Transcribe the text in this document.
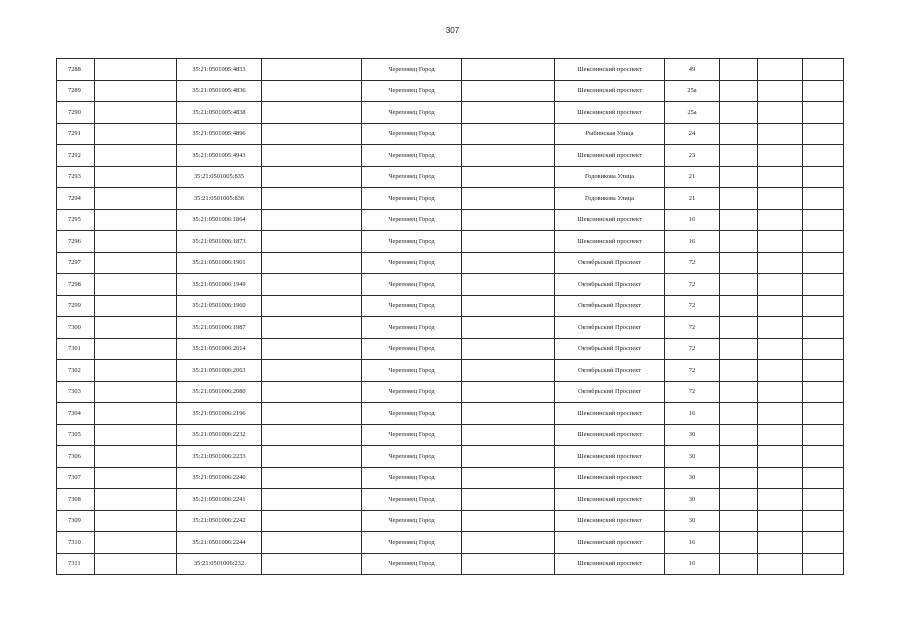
307
7288		35:21:0501005:4833		Череповец Город		Шекснинский проспект	49			
7289		35:21:0501005:4836		Череповец Город		Шекснинский проспект	25а			
7290		35:21:0501005:4838		Череповец Город		Шекснинский проспект	25а			
7291		35:21:0501005:4896		Череповец Город		Рыбинская Улица	24			
7292		35:21:0501005:4943		Череповец Город		Шекснинский проспект	23			
7293		35:21:0501005:835		Череповец Город		Годовикова Улица	21			
7294		35:21:0501005:836		Череповец Город		Годовикова Улица	21			
7295		35:21:0501006:1864		Череповец Город		Шекснинский проспект	16			
7296		35:21:0501006:1873		Череповец Город		Шекснинский проспект	16			
7297		35:21:0501006:1901		Череповец Город		Октябрьский Проспект	72			
7298		35:21:0501006:1949		Череповец Город		Октябрьский Проспект	72			
7299		35:21:0501006:1960		Череповец Город		Октябрьский Проспект	72			
7300		35:21:0501006:1987		Череповец Город		Октябрьский Проспект	72			
7301		35:21:0501006:2014		Череповец Город		Октябрьский Проспект	72			
7302		35:21:0501006:2063		Череповец Город		Октябрьский Проспект	72			
7303		35:21:0501006:2080		Череповец Город		Октябрьский Проспект	72			
7304		35:21:0501006:2196		Череповец Город		Шекснинский проспект	16			
7305		35:21:0501006:2232		Череповец Город		Шекснинский проспект	30			
7306		35:21:0501006:2233		Череповец Город		Шекснинский проспект	30			
7307		35:21:0501006:2240		Череповец Город		Шекснинский проспект	30			
7308		35:21:0501006:2241		Череповец Город		Шекснинский проспект	30			
7309		35:21:0501006:2242		Череповец Город		Шекснинский проспект	30			
7310		35:21:0501006:2244		Череповец Город		Шекснинский проспект	16			
7311		35:21:0501006:232		Череповец Город		Шекснинский проспект	16			
